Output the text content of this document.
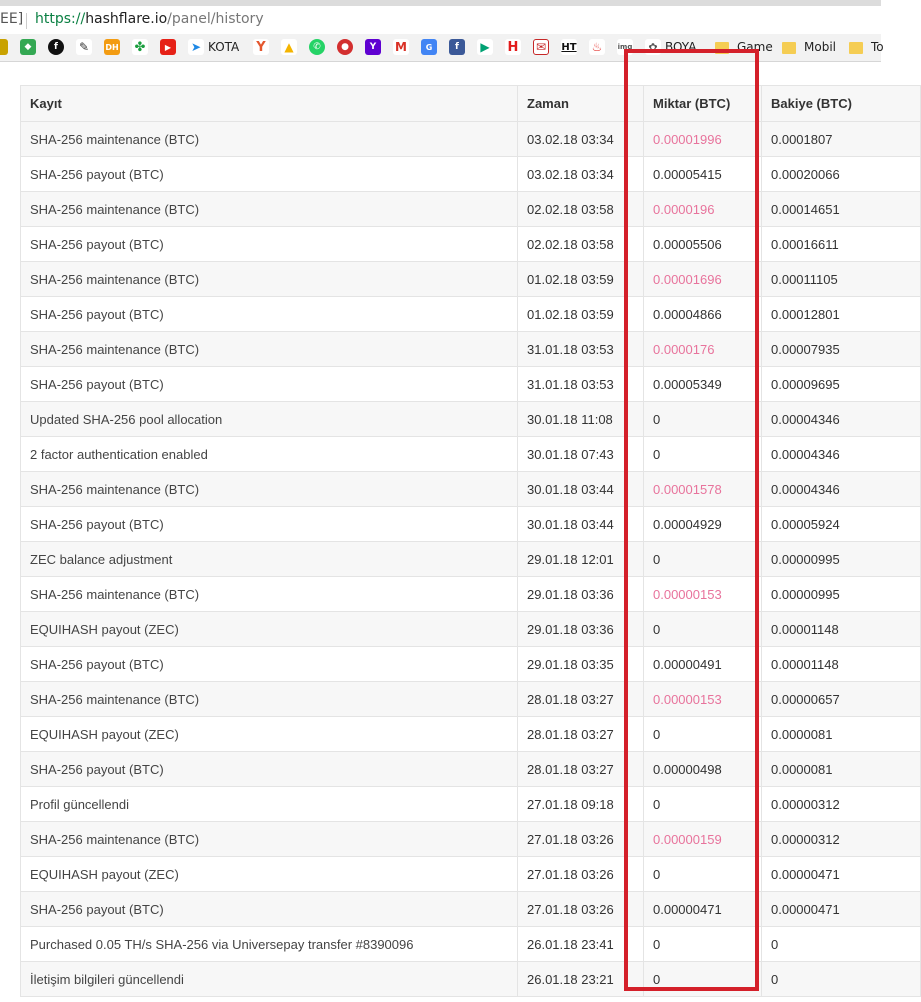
EE] https://hashflare.io/panel/history
◆	f	✎	DH ✤	▶	➤ KOTA Y ▲	✆	●	Y	M	G	f	▶ H ✉ HT ♨	img	✿ BOYA	Game	Mobil	To
Kayıt	Zaman	Miktar (BTC)	Bakiye (BTC)
SHA-256 maintenance (BTC)	03.02.18 03:34	0.00001996	0.0001807
SHA-256 payout (BTC)	03.02.18 03:34	0.00005415	0.00020066
SHA-256 maintenance (BTC)	02.02.18 03:58	0.0000196	0.00014651
SHA-256 payout (BTC)	02.02.18 03:58	0.00005506	0.00016611
SHA-256 maintenance (BTC)	01.02.18 03:59	0.00001696	0.00011105
SHA-256 payout (BTC)	01.02.18 03:59	0.00004866	0.00012801
SHA-256 maintenance (BTC)	31.01.18 03:53	0.0000176	0.00007935
SHA-256 payout (BTC)	31.01.18 03:53	0.00005349	0.00009695
Updated SHA-256 pool allocation	30.01.18 11:08	0	0.00004346
2 factor authentication enabled	30.01.18 07:43	0	0.00004346
SHA-256 maintenance (BTC)	30.01.18 03:44	0.00001578	0.00004346
SHA-256 payout (BTC)	30.01.18 03:44	0.00004929	0.00005924
ZEC balance adjustment	29.01.18 12:01	0	0.00000995
SHA-256 maintenance (BTC)	29.01.18 03:36	0.00000153	0.00000995
EQUIHASH payout (ZEC)	29.01.18 03:36	0	0.00001148
SHA-256 payout (BTC)	29.01.18 03:35	0.00000491	0.00001148
SHA-256 maintenance (BTC)	28.01.18 03:27	0.00000153	0.00000657
EQUIHASH payout (ZEC)	28.01.18 03:27	0	0.0000081
SHA-256 payout (BTC)	28.01.18 03:27	0.00000498	0.0000081
Profil güncellendi	27.01.18 09:18	0	0.00000312
SHA-256 maintenance (BTC)	27.01.18 03:26	0.00000159	0.00000312
EQUIHASH payout (ZEC)	27.01.18 03:26	0	0.00000471
SHA-256 payout (BTC)	27.01.18 03:26	0.00000471	0.00000471
Purchased 0.05 TH/s SHA-256 via Universepay transfer #8390096	26.01.18 23:41	0	0
İletişim bilgileri güncellendi	26.01.18 23:21	0	0
